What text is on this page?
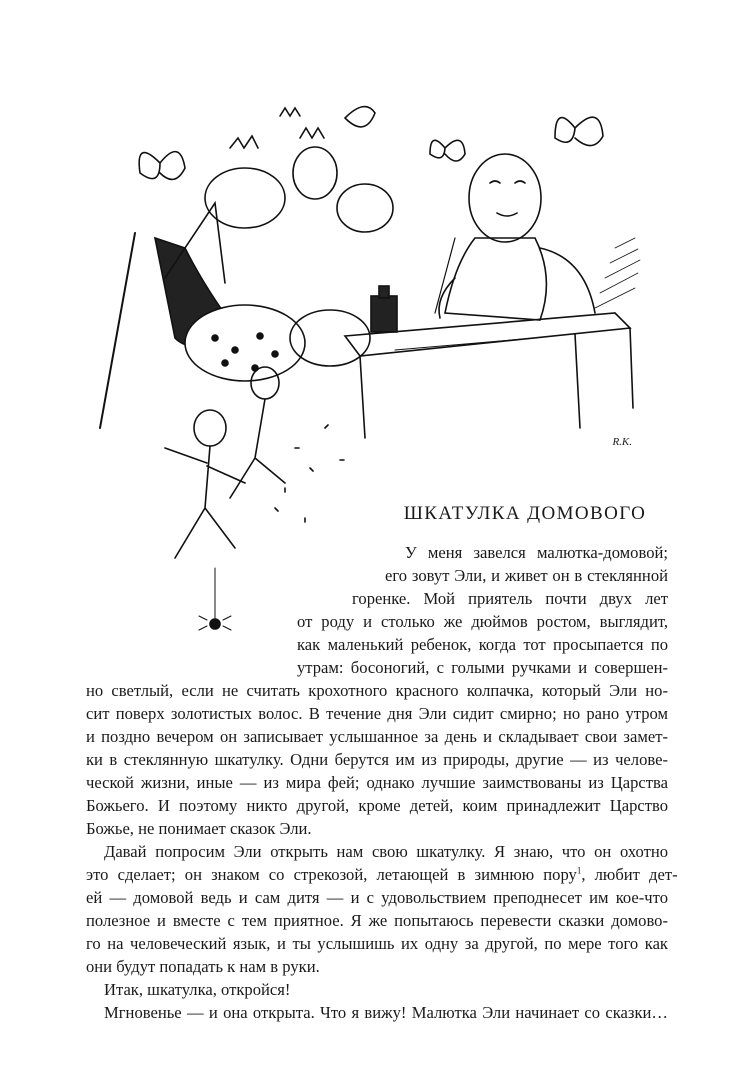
R.K.
ШКАТУЛКА ДОМОВОГО
У меня завелся малютка-домовой;
его зовут Эли, и живет он в стеклянной
горенке. Мой приятель почти двух лет
от роду и столько же дюймов ростом, выглядит,
как маленький ребенок, когда тот просыпается по
утрам: босоногий, с голыми ручками и совершен-
но светлый, если не считать крохотного красного колпачка, который Эли но-
сит поверх золотистых волос. В течение дня Эли сидит смирно; но рано утром
и поздно вечером он записывает услышанное за день и складывает свои замет-
ки в стеклянную шкатулку. Одни берутся им из природы, другие — из челове-
ческой жизни, иные — из мира фей; однако лучшие заимствованы из Царства
Божьего. И поэтому никто другой, кроме детей, коим принадлежит Царство
Божье, не понимает сказок Эли.
Давай попросим Эли открыть нам свою шкатулку. Я знаю, что он охотно
это сделает; он знаком со стрекозой, летающей в зимнюю пору$^1$, любит дет-
ей — домовой ведь и сам дитя — и с удовольствием преподнесет им кое-что
полезное и вместе с тем приятное. Я же попытаюсь перевести сказки домово-
го на человеческий язык, и ты услышишь их одну за другой, по мере того как
они будут попадать к нам в руки.
Итак, шкатулка, откройся!
Мгновенье — и она открыта. Что я вижу! Малютка Эли начинает со сказки…
